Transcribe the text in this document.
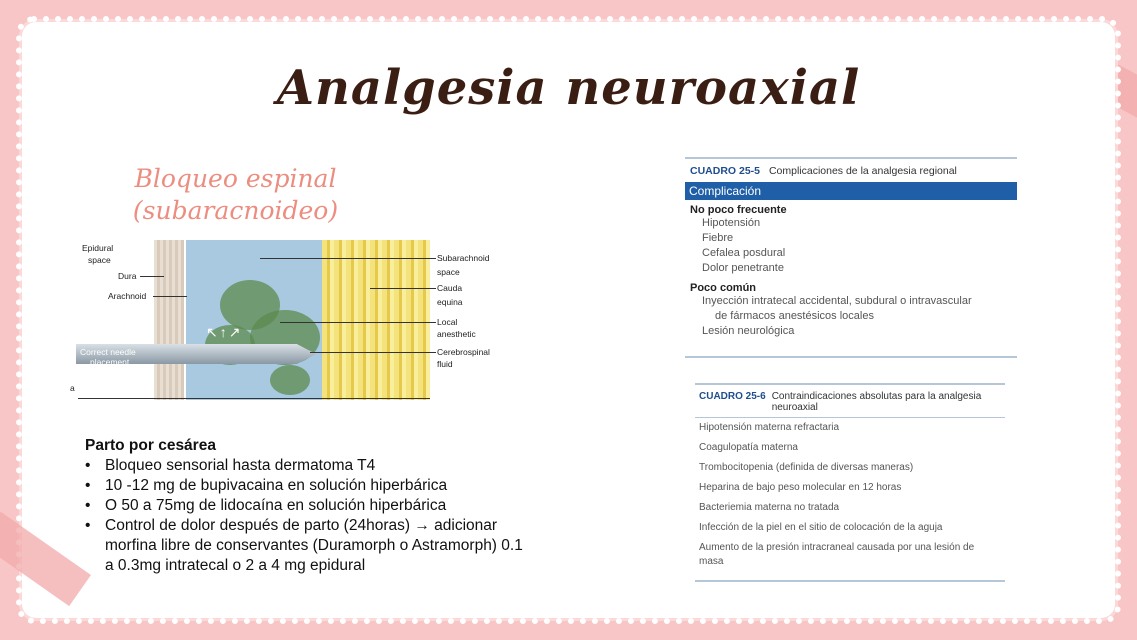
Analgesia neuroaxial
Bloqueo espinal
(subaracnoideo)
↖↑↗
Epidural
space
Dura
Arachnoid
Correct needle
placement
a
Subarachnoid
space
Cauda
equina
Local
anesthetic
Cerebrospinal
fluid
Parto por cesárea
• Bloqueo sensorial hasta dermatoma T4
• 10 -12 mg de bupivacaina en solución hiperbárica
• O 50 a 75mg de lidocaína en solución hiperbárica
• Control de dolor después de parto (24horas) → adicionar morfina libre de conservantes (Duramorph o Astramorph) 0.1 a 0.3mg intratecal o 2 a 4 mg epidural
CUADRO 25-5 Complicaciones de la analgesia regional
Complicación
No poco frecuente
Hipotensión
Fiebre
Cefalea posdural
Dolor penetrante
Poco común
Inyección intratecal accidental, subdural o intravascular
de fármacos anestésicos locales
Lesión neurológica
CUADRO 25-6 Contraindicaciones absolutas para la analgesia neuroaxial
Hipotensión materna refractaria
Coagulopatía materna
Trombocitopenia (definida de diversas maneras)
Heparina de bajo peso molecular en 12 horas
Bacteriemia materna no tratada
Infección de la piel en el sitio de colocación de la aguja
Aumento de la presión intracraneal causada por una lesión de masa
